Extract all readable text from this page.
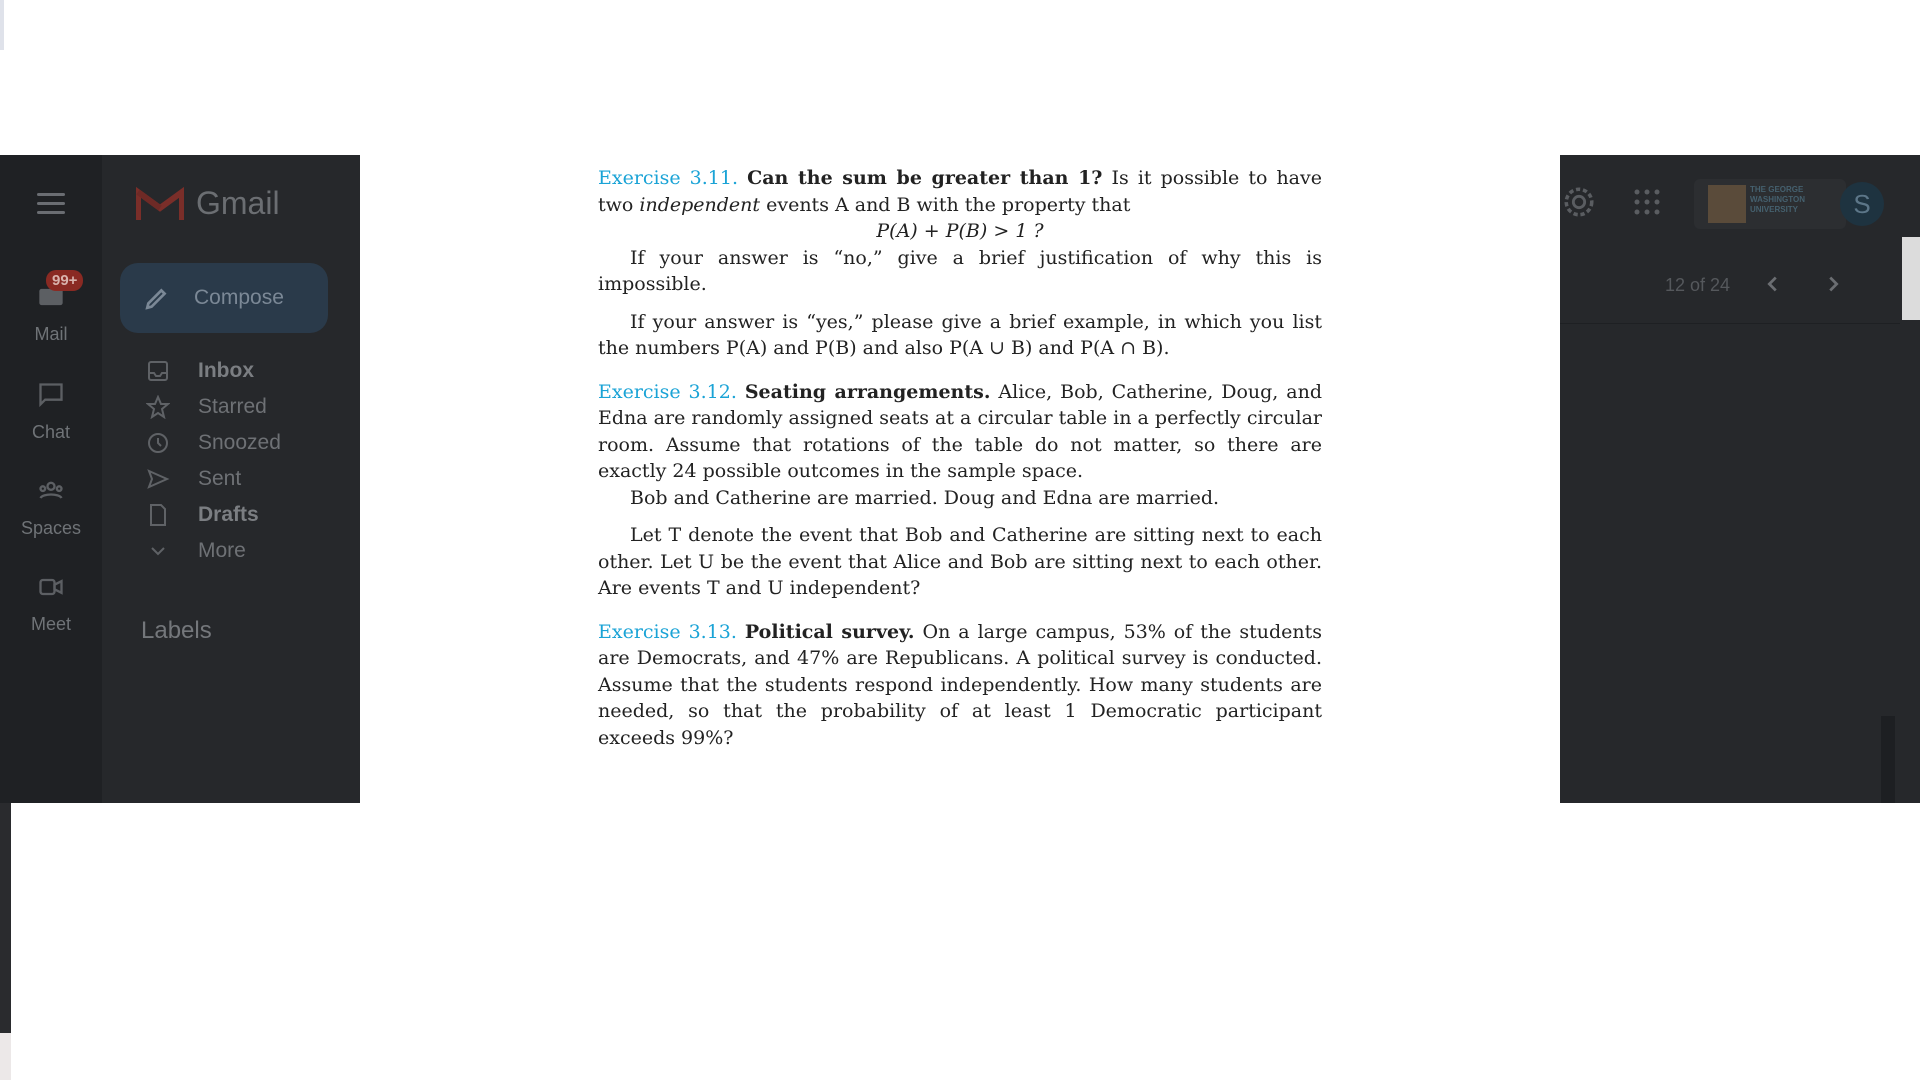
Mail
99+
Chat
Spaces
Meet
Gmail
Compose
Inbox
Starred
Snoozed
Sent
Drafts
More
Labels
THE GEORGE WASHINGTON UNIVERSITY	S
12 of 24

Exercise 3.11. Can the sum be greater than 1? Is it possible to have two independent events A and B with the property that

P(A) + P(B) > 1 ?

If your answer is “no,” give a brief justification of why this is impossible.

If your answer is “yes,” please give a brief example, in which you list the numbers P(A) and P(B) and also P(A ∪ B) and P(A ∩ B).

Exercise 3.12. Seating arrangements. Alice, Bob, Catherine, Doug, and Edna are randomly assigned seats at a circular table in a perfectly circular room. Assume that rotations of the table do not matter, so there are exactly 24 possible outcomes in the sample space.

Bob and Catherine are married. Doug and Edna are married.

Let T denote the event that Bob and Catherine are sitting next to each other. Let U be the event that Alice and Bob are sitting next to each other. Are events T and U independent?

Exercise 3.13. Political survey. On a large campus, 53% of the students are Democrats, and 47% are Republicans. A political survey is conducted. Assume that the students respond independently. How many students are needed, so that the probability of at least 1 Democratic participant exceeds 99%?
